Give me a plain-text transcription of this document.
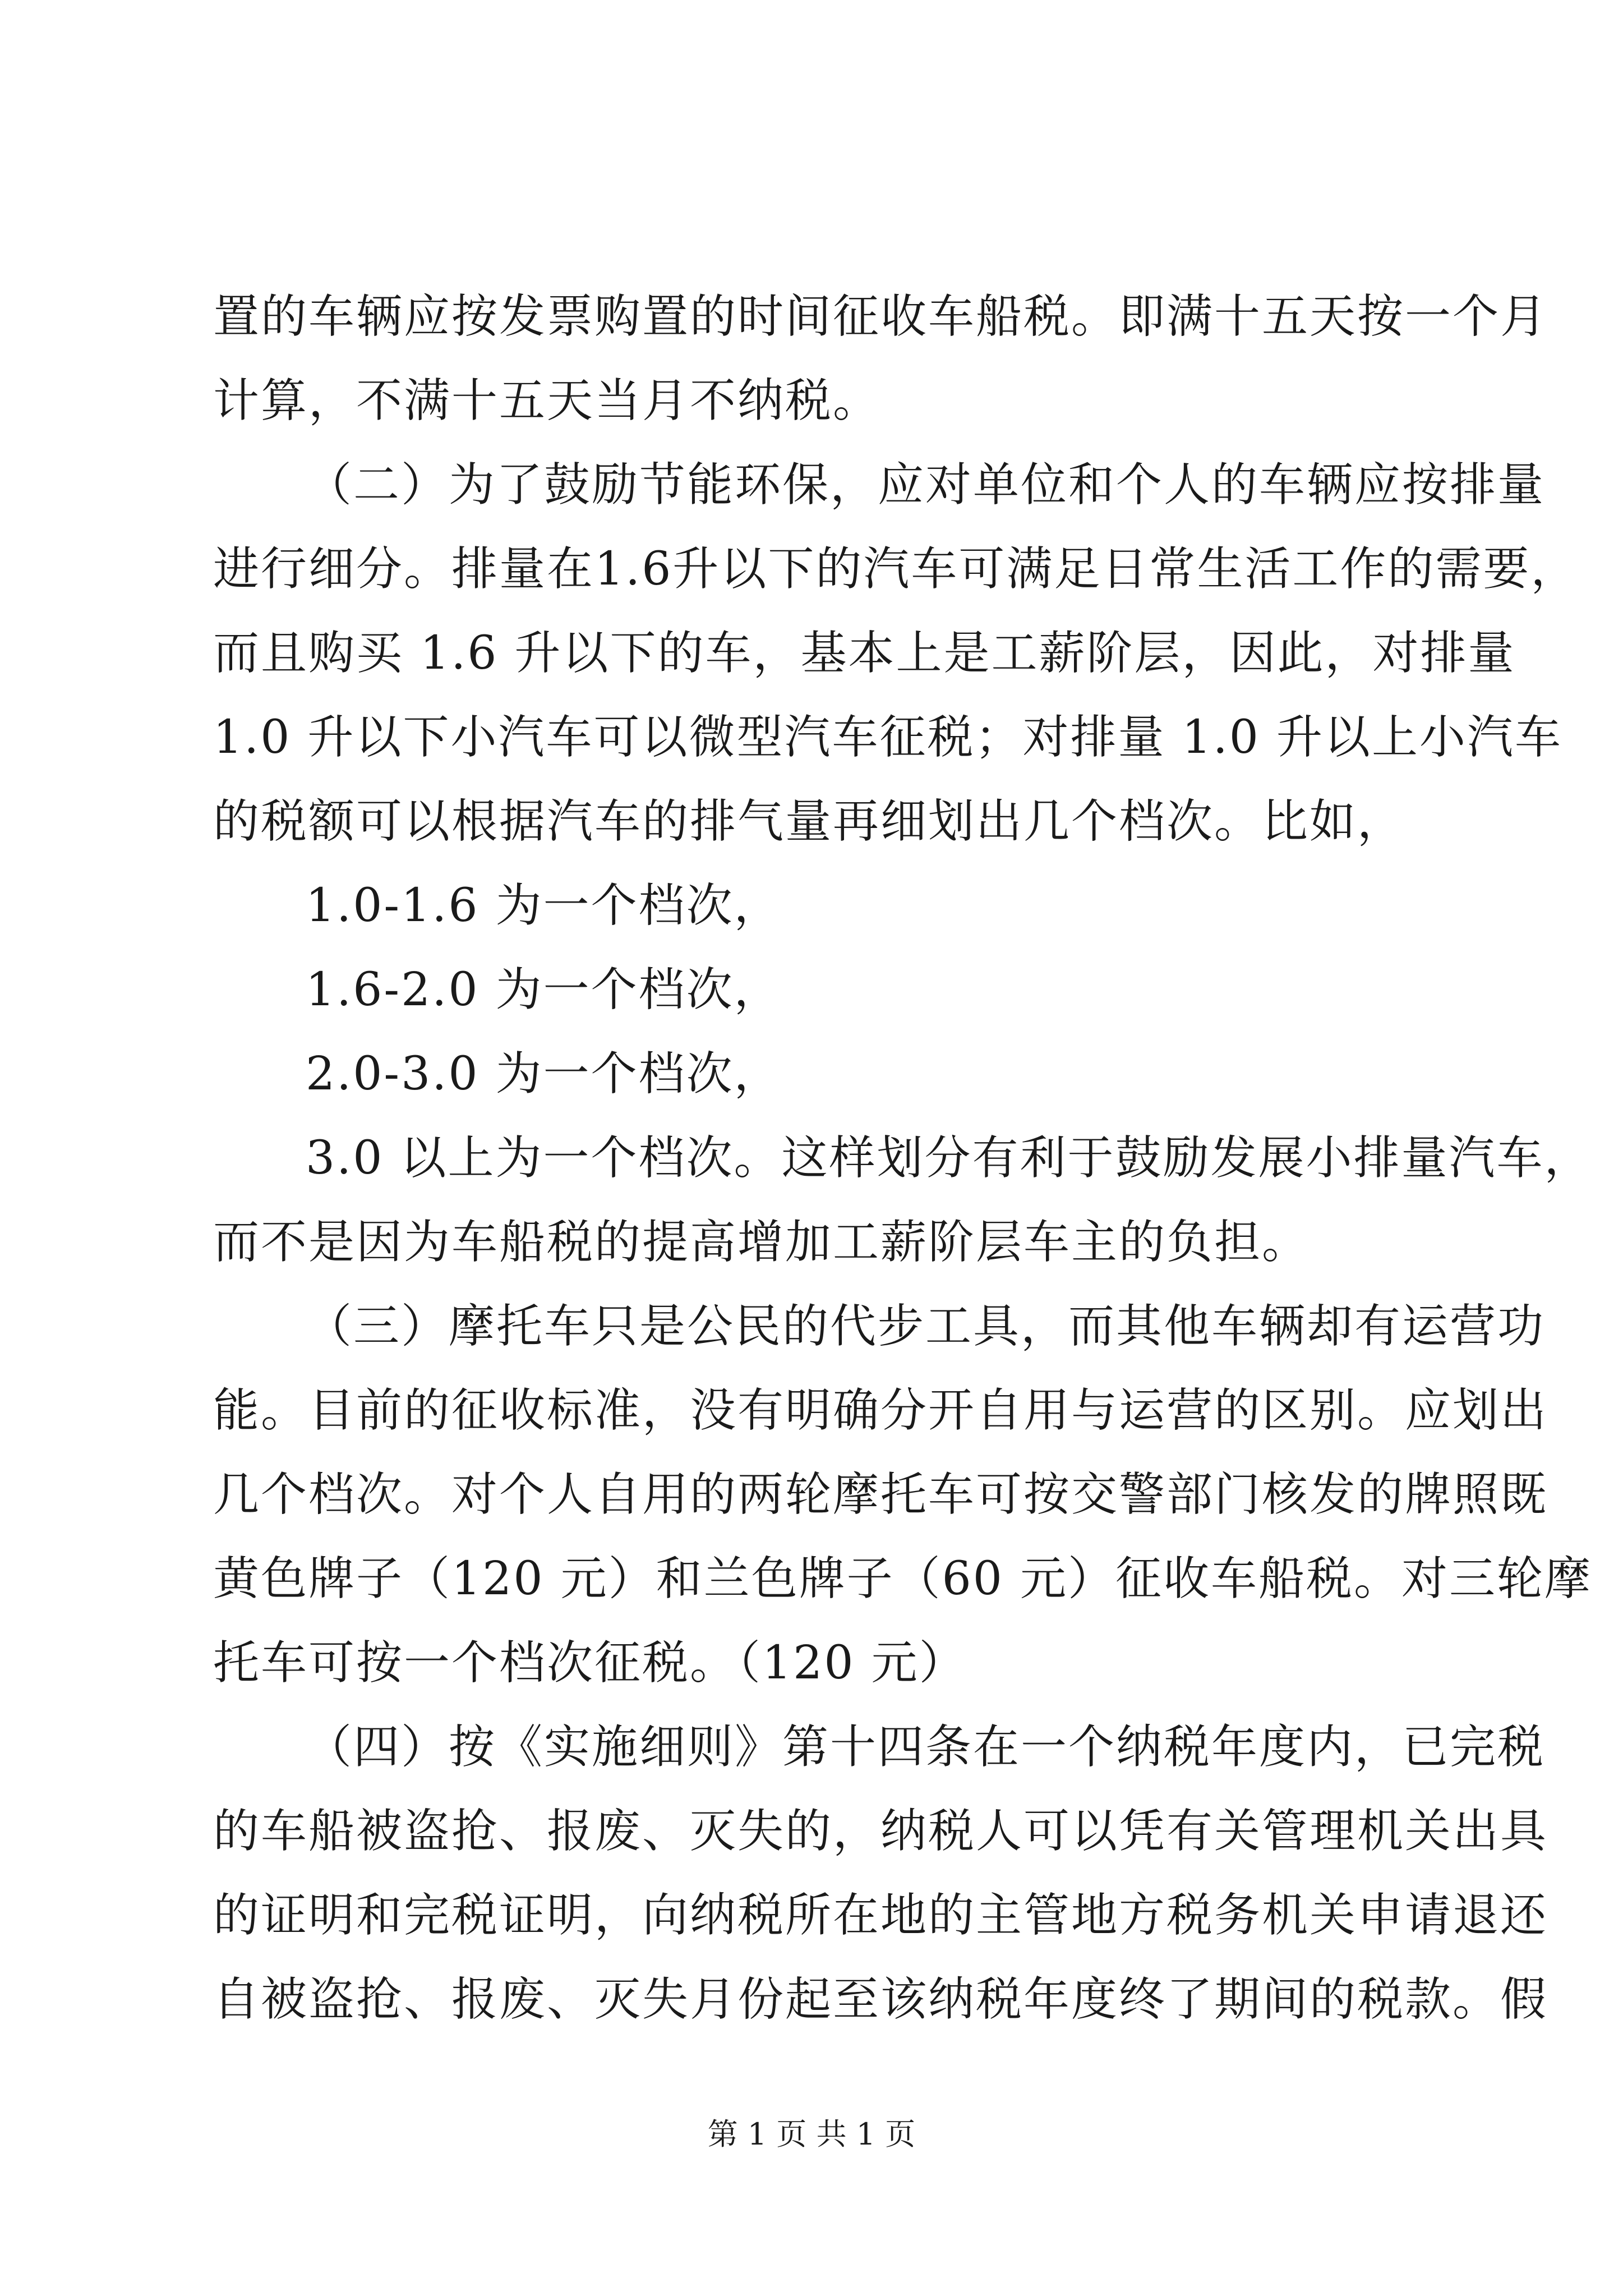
置的车辆应按发票购置的时间征收车船税。即满十五天按一个月
计算，不满十五天当月不纳税。
（二）为了鼓励节能环保，应对单位和个人的车辆应按排量
进行细分。排量在1.6升以下的汽车可满足日常生活工作的需要，
而且购买 1.6 升以下的车，基本上是工薪阶层，因此，对排量
1.0 升以下小汽车可以微型汽车征税；对排量 1.0 升以上小汽车
的税额可以根据汽车的排气量再细划出几个档次。比如，
1.0-1.6 为一个档次，
1.6-2.0 为一个档次，
2.0-3.0 为一个档次，
3.0 以上为一个档次。这样划分有利于鼓励发展小排量汽车，
而不是因为车船税的提高增加工薪阶层车主的负担。
（三）摩托车只是公民的代步工具，而其他车辆却有运营功
能。目前的征收标准，没有明确分开自用与运营的区别。应划出
几个档次。对个人自用的两轮摩托车可按交警部门核发的牌照既
黄色牌子（120 元）和兰色牌子（60 元）征收车船税。对三轮摩
托车可按一个档次征税。（120 元）
（四）按《实施细则》第十四条在一个纳税年度内，已完税
的车船被盗抢、报废、灭失的，纳税人可以凭有关管理机关出具
的证明和完税证明，向纳税所在地的主管地方税务机关申请退还
自被盗抢、报废、灭失月份起至该纳税年度终了期间的税款。假
第 1 页 共 1 页
